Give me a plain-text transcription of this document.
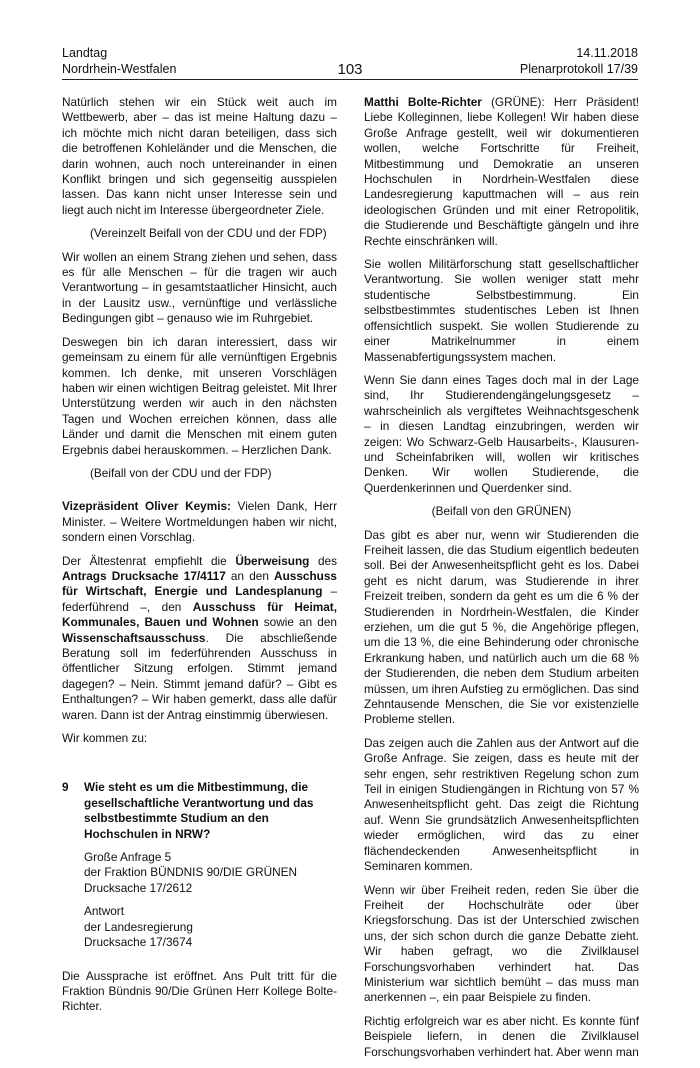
Landtag
Nordrhein-Westfalen	103
14.11.2018
Plenarprotokoll 17/39

Natürlich stehen wir ein Stück weit auch im Wettbewerb, aber – das ist meine Haltung dazu – ich möchte mich nicht daran beteiligen, dass sich die betroffenen Kohleländer und die Menschen, die darin wohnen, auch noch untereinander in einen Konflikt bringen und sich gegenseitig ausspielen lassen. Das kann nicht unser Interesse sein und liegt auch nicht im Interesse übergeordneter Ziele.

(Vereinzelt Beifall von der CDU und der FDP)

Wir wollen an einem Strang ziehen und sehen, dass es für alle Menschen – für die tragen wir auch Verantwortung – in gesamtstaatlicher Hinsicht, auch in der Lausitz usw., vernünftige und verlässliche Bedingungen gibt – genauso wie im Ruhrgebiet.

Deswegen bin ich daran interessiert, dass wir gemeinsam zu einem für alle vernünftigen Ergebnis kommen. Ich denke, mit unseren Vorschlägen haben wir einen wichtigen Beitrag geleistet. Mit Ihrer Unterstützung werden wir auch in den nächsten Tagen und Wochen erreichen können, dass alle Länder und damit die Menschen mit einem guten Ergebnis dabei herauskommen. – Herzlichen Dank.

(Beifall von der CDU und der FDP)

Vizepräsident Oliver Keymis: Vielen Dank, Herr Minister. – Weitere Wortmeldungen haben wir nicht, sondern einen Vorschlag.

Der Ältestenrat empfiehlt die Überweisung des Antrags Drucksache 17/4117 an den Ausschuss für Wirtschaft, Energie und Landesplanung – federführend –, den Ausschuss für Heimat, Kommunales, Bauen und Wohnen sowie an den Wissenschaftsausschuss. Die abschließende Beratung soll im federführenden Ausschuss in öffentlicher Sitzung erfolgen. Stimmt jemand dagegen? – Nein. Stimmt jemand dafür? – Gibt es Enthaltungen? – Wir haben gemerkt, dass alle dafür waren. Dann ist der Antrag einstimmig überwiesen.

Wir kommen zu:

9	Wie steht es um die Mitbestimmung, die gesellschaftliche Verantwortung und das selbstbestimmte Studium an den Hochschulen in NRW?
Große Anfrage 5
der Fraktion BÜNDNIS 90/DIE GRÜNEN
Drucksache 17/2612
Antwort
der Landesregierung
Drucksache 17/3674

Die Aussprache ist eröffnet. Ans Pult tritt für die Fraktion Bündnis 90/Die Grünen Herr Kollege Bolte-Richter.

Matthi Bolte-Richter (GRÜNE): Herr Präsident! Liebe Kolleginnen, liebe Kollegen! Wir haben diese Große Anfrage gestellt, weil wir dokumentieren wollen, welche Fortschritte für Freiheit, Mitbestimmung und Demokratie an unseren Hochschulen in Nordrhein-Westfalen diese Landesregierung kaputtmachen will – aus rein ideologischen Gründen und mit einer Retropolitik, die Studierende und Beschäftigte gängeln und ihre Rechte einschränken will.

Sie wollen Militärforschung statt gesellschaftlicher Verantwortung. Sie wollen weniger statt mehr studentische Selbstbestimmung. Ein selbstbestimmtes studentisches Leben ist Ihnen offensichtlich suspekt. Sie wollen Studierende zu einer Matrikelnummer in einem Massenabfertigungssystem machen.

Wenn Sie dann eines Tages doch mal in der Lage sind, Ihr Studierendengängelungsgesetz – wahrscheinlich als vergiftetes Weihnachtsgeschenk – in diesen Landtag einzubringen, werden wir zeigen: Wo Schwarz-Gelb Hausarbeits-, Klausuren- und Scheinfabriken will, wollen wir kritisches Denken. Wir wollen Studierende, die Querdenkerinnen und Querdenker sind.

(Beifall von den GRÜNEN)

Das gibt es aber nur, wenn wir Studierenden die Freiheit lassen, die das Studium eigentlich bedeuten soll. Bei der Anwesenheitspflicht geht es los. Dabei geht es nicht darum, was Studierende in ihrer Freizeit treiben, sondern da geht es um die 6 % der Studierenden in Nordrhein-Westfalen, die Kinder erziehen, um die gut 5 %, die Angehörige pflegen, um die 13 %, die eine Behinderung oder chronische Erkrankung haben, und natürlich auch um die 68 % der Studierenden, die neben dem Studium arbeiten müssen, um ihren Aufstieg zu ermöglichen. Das sind Zehntausende Menschen, die Sie vor existenzielle Probleme stellen.

Das zeigen auch die Zahlen aus der Antwort auf die Große Anfrage. Sie zeigen, dass es heute mit der sehr engen, sehr restriktiven Regelung schon zum Teil in einigen Studiengängen in Richtung von 57 % Anwesenheitspflicht geht. Das zeigt die Richtung auf. Wenn Sie grundsätzlich Anwesenheitspflichten wieder ermöglichen, wird das zu einer flächendeckenden Anwesenheitspflicht in Seminaren kommen.

Wenn wir über Freiheit reden, reden Sie über die Freiheit der Hochschulräte oder über Kriegsforschung. Das ist der Unterschied zwischen uns, der sich schon durch die ganze Debatte zieht. Wir haben gefragt, wo die Zivilklausel Forschungsvorhaben verhindert hat. Das Ministerium war sichtlich bemüht – das muss man anerkennen –, ein paar Beispiele zu finden.

Richtig erfolgreich war es aber nicht. Es konnte fünf Beispiele liefern, in denen die Zivilklausel Forschungsvorhaben verhindert hat. Aber wenn man
